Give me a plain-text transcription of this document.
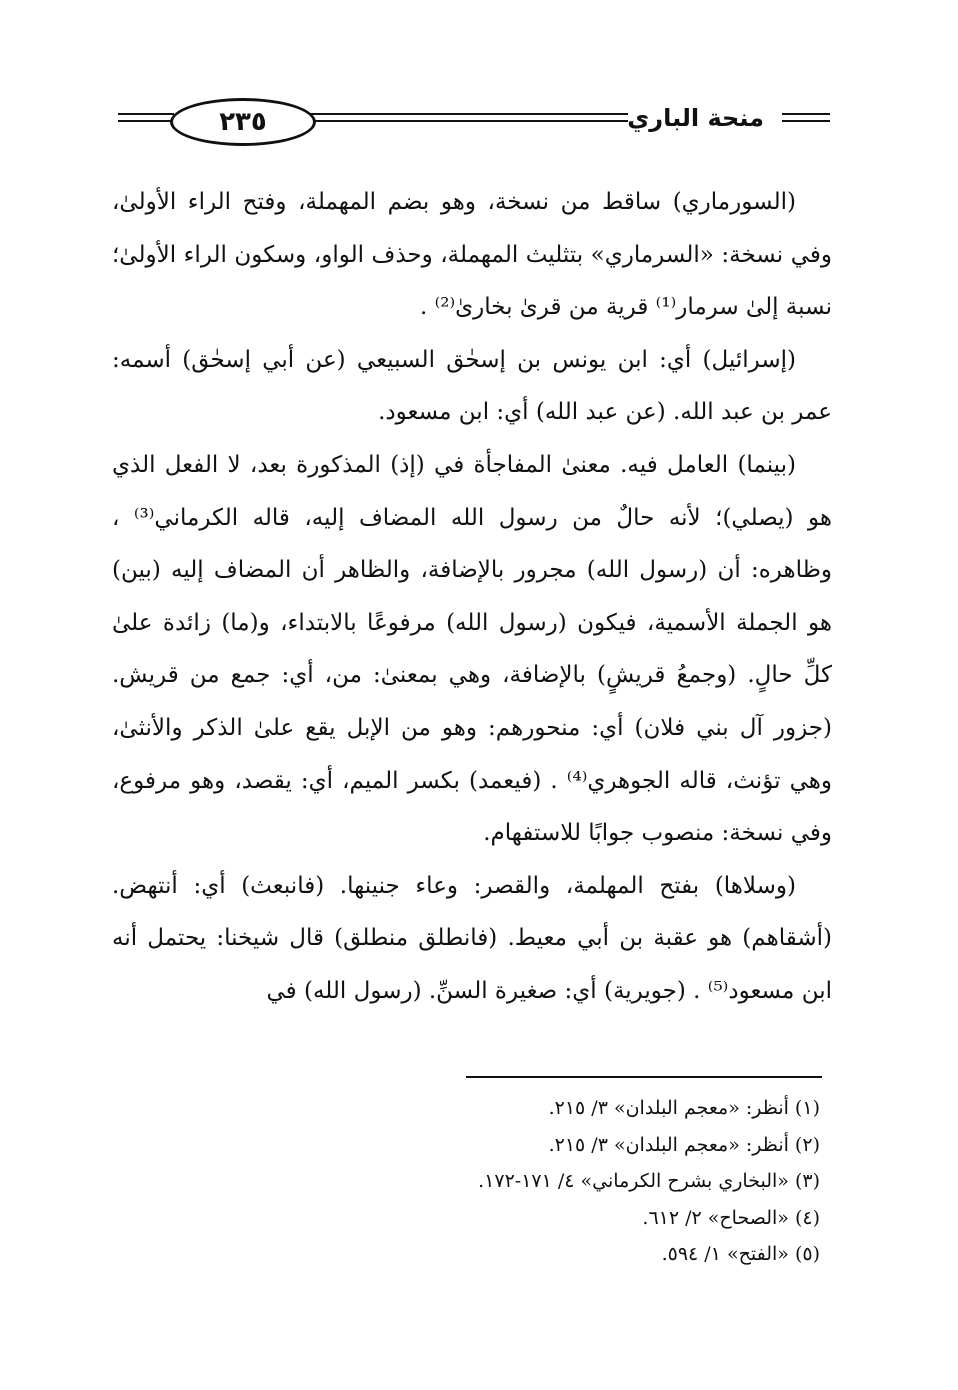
٢٣٥	منحة الباري

(السورماري) ساقط من نسخة، وهو بضم المهملة، وفتح الراء الأولىٰ، وفي نسخة: «السرماري» بتثليث المهملة، وحذف الواو، وسكون الراء الأولىٰ؛ نسبة إلىٰ سرمار⁽¹⁾ قرية من قرىٰ بخارىٰ⁽²⁾ .

(إسرائيل) أي: ابن يونس بن إسحٰق السبيعي (عن أبي إسحٰق) أسمه: عمر بن عبد الله. (عن عبد الله) أي: ابن مسعود.

(بينما) العامل فيه. معنىٰ المفاجأة في (إذ) المذكورة بعد، لا الفعل الذي هو (يصلي)؛ لأنه حالٌ من رسول الله المضاف إليه، قاله الكرماني⁽³⁾ ، وظاهره: أن (رسول الله) مجرور بالإضافة، والظاهر أن المضاف إليه (بين) هو الجملة الأسمية، فيكون (رسول الله) مرفوعًا بالابتداء، و(ما) زائدة علىٰ كلِّ حالٍ. (وجمعُ قريشٍ) بالإضافة، وهي بمعنىٰ: من، أي: جمع من قريش. (جزور آل بني فلان) أي: منحورهم: وهو من الإبل يقع علىٰ الذكر والأنثىٰ، وهي تؤنث، قاله الجوهري⁽⁴⁾ . (فيعمد) بكسر الميم، أي: يقصد، وهو مرفوع، وفي نسخة: منصوب جوابًا للاستفهام.

(وسلاها) بفتح المهلمة، والقصر: وعاء جنينها. (فانبعث) أي: أنتهض. (أشقاهم) هو عقبة بن أبي معيط. (فانطلق منطلق) قال شيخنا: يحتمل أنه ابن مسعود⁽⁵⁾ . (جويرية) أي: صغيرة السنِّ. (رسول الله) في

(١) أنظر: «معجم البلدان» ٣/ ٢١٥.
(٢) أنظر: «معجم البلدان» ٣/ ٢١٥.
(٣) «البخاري بشرح الكرماني» ٤/ ١٧١-١٧٢.
(٤) «الصحاح» ٢/ ٦١٢.
(٥) «الفتح» ١/ ٥٩٤.
